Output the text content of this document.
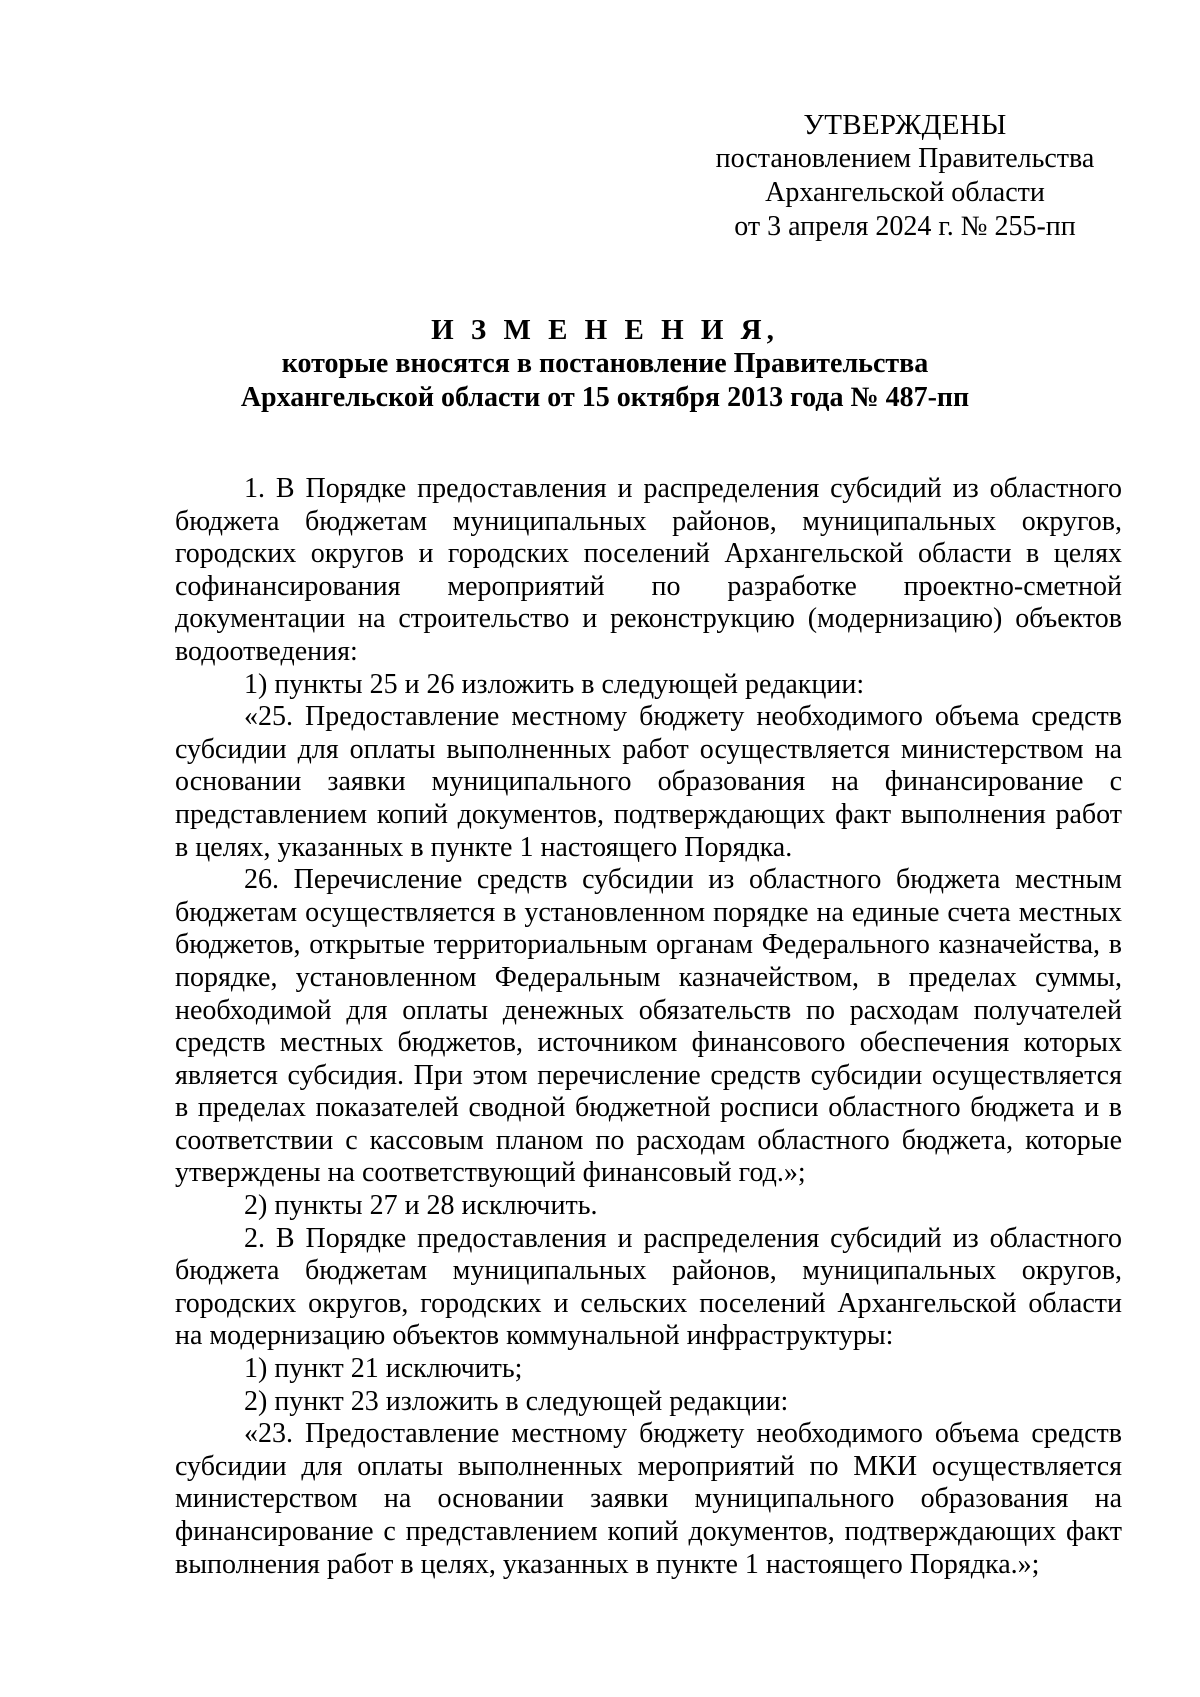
УТВЕРЖДЕНЫ
постановлением Правительства
Архангельской области
от 3 апреля 2024 г. № 255-пп
И З М Е Н Е Н И Я,
которые вносятся в постановление Правительства
Архангельской области от 15 октября 2013 года № 487-пп

1. В Порядке предоставления и распределения субсидий из областного бюджета бюджетам муниципальных районов, муниципальных округов, городских округов и городских поселений Архангельской области в целях софинансирования мероприятий по разработке проектно-сметной документации на строительство и реконструкцию (модернизацию) объектов водоотведения:

1) пункты 25 и 26 изложить в следующей редакции:

«25. Предоставление местному бюджету необходимого объема средств субсидии для оплаты выполненных работ осуществляется министерством на основании заявки муниципального образования на финансирование с представлением копий документов, подтверждающих факт выполнения работ в целях, указанных в пункте 1 настоящего Порядка.

26. Перечисление средств субсидии из областного бюджета местным бюджетам осуществляется в установленном порядке на единые счета местных бюджетов, открытые территориальным органам Федерального казначейства, в порядке, установленном Федеральным казначейством, в пределах суммы, необходимой для оплаты денежных обязательств по расходам получателей средств местных бюджетов, источником финансового обеспечения которых является субсидия. При этом перечисление средств субсидии осуществляется в пределах показателей сводной бюджетной росписи областного бюджета и в соответствии с кассовым планом по расходам областного бюджета, которые утверждены на соответствующий финансовый год.»;

2) пункты 27 и 28 исключить.

2. В Порядке предоставления и распределения субсидий из областного бюджета бюджетам муниципальных районов, муниципальных округов, городских округов, городских и сельских поселений Архангельской области на модернизацию объектов коммунальной инфраструктуры:

1) пункт 21 исключить;

2) пункт 23 изложить в следующей редакции:

«23. Предоставление местному бюджету необходимого объема средств субсидии для оплаты выполненных мероприятий по МКИ осуществляется министерством на основании заявки муниципального образования на финансирование с представлением копий документов, подтверждающих факт выполнения работ в целях, указанных в пункте 1 настоящего Порядка.»;
